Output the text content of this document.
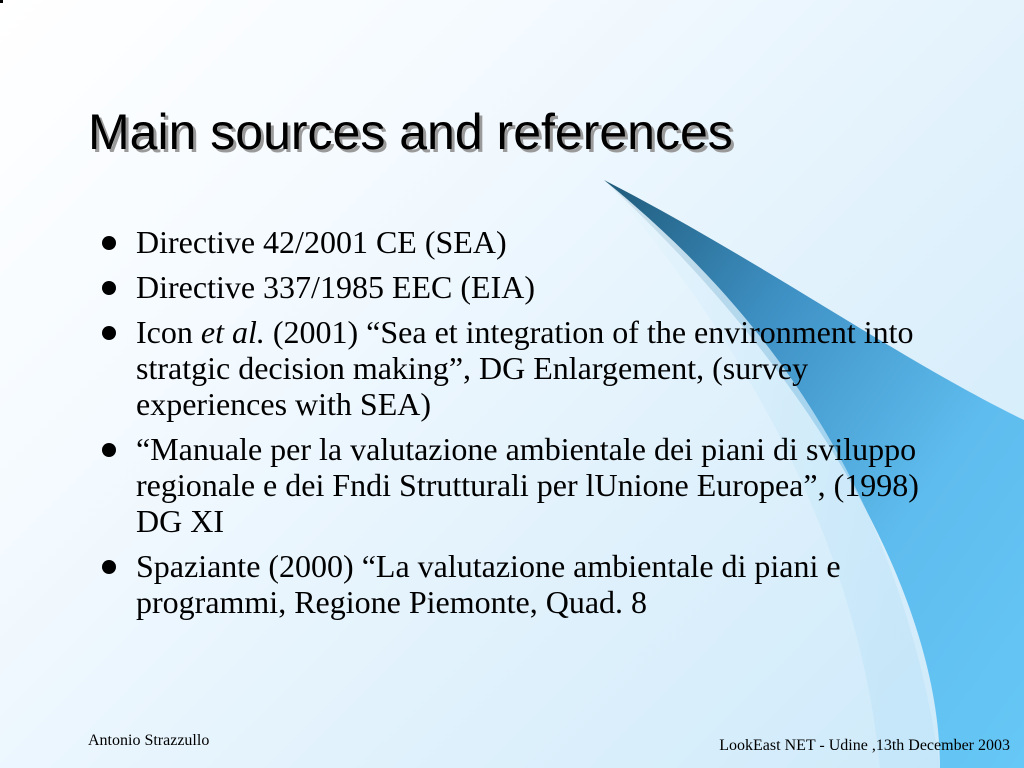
Main sources and references
Directive 42/2001 CE (SEA)
Directive 337/1985 EEC (EIA)
Icon et al. (2001) “Sea et integration of the environment into stratgic decision making”, DG Enlargement, (survey experiences with SEA)
“Manuale per la valutazione ambientale dei piani di sviluppo regionale e dei Fndi Strutturali per lUnione Europea”, (1998) DG XI
Spaziante (2000) “La valutazione ambientale di piani e programmi, Regione Piemonte, Quad. 8
Antonio Strazzullo	LookEast NET - Udine ,13th December 2003
